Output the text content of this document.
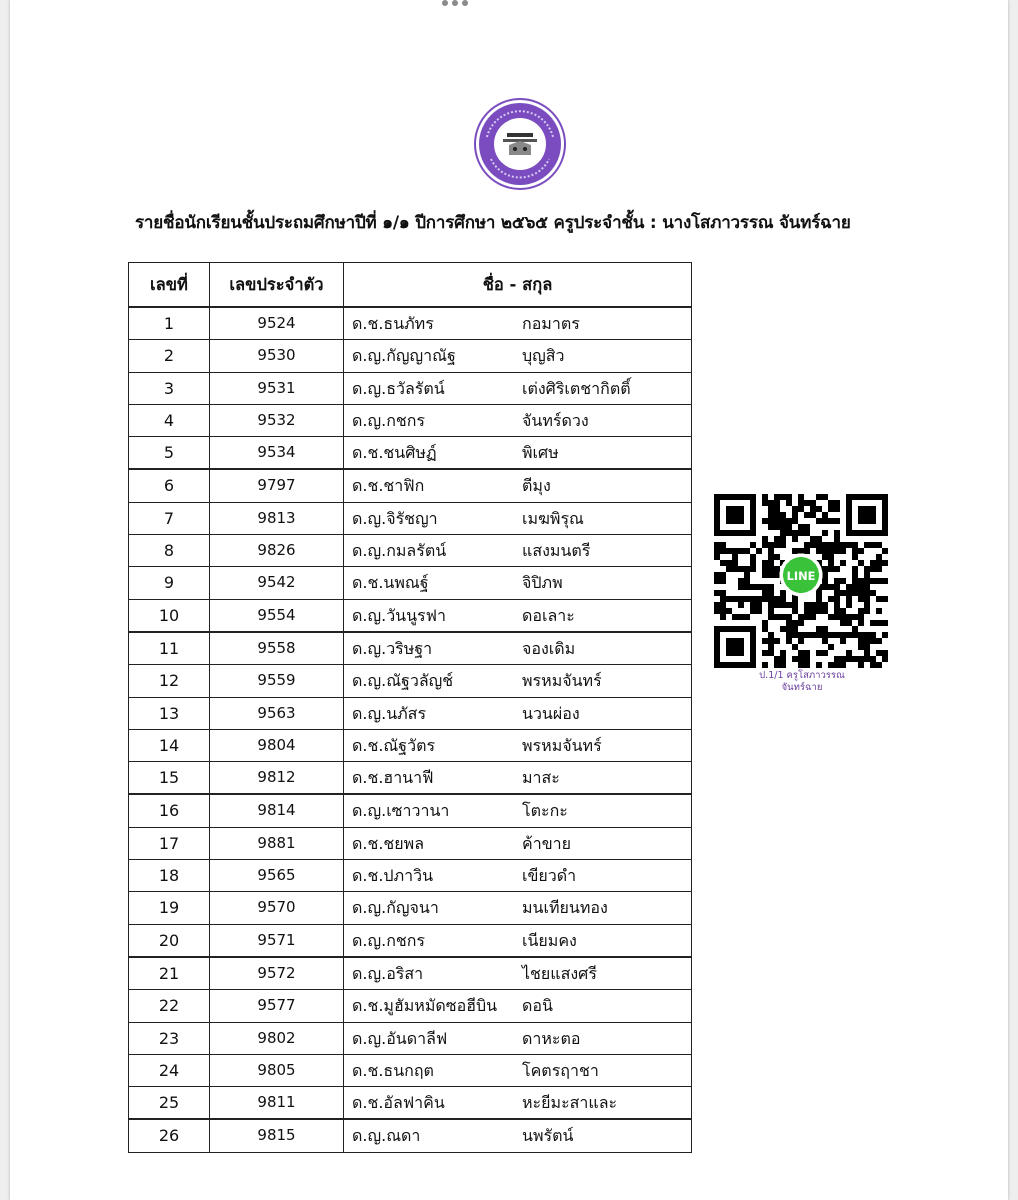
รายชื่อนักเรียนชั้นประถมศึกษาปีที่ ๑/๑ ปีการศึกษา ๒๕๖๕ ครูประจำชั้น : นางโสภาวรรณ จันทร์ฉาย
เลขที่	เลขประจำตัว	ชื่อ - สกุล
1	9524	ด.ช.ธนภัทร กอมาตร
2	9530	ด.ญ.กัญญาณัฐ บุญสิว
3	9531	ด.ญ.ธวัลรัตน์ เต่งศิริเตชากิตติ์
4	9532	ด.ญ.กชกร จันทร์ดวง
5	9534	ด.ช.ชนศิษฏ์ พิเศษ
6	9797	ด.ช.ชาฟิก ตีมุง
7	9813	ด.ญ.จิรัชญา เมฆพิรุณ
8	9826	ด.ญ.กมลรัตน์ แสงมนตรี
9	9542	ด.ช.นพณฐ์ จิปิภพ
10	9554	ด.ญ.วันนูรฟา ดอเลาะ
11	9558	ด.ญ.วริษฐา จองเดิม
12	9559	ด.ญ.ณัฐวลัญช์ พรหมจันทร์
13	9563	ด.ญ.นภัสร นวนผ่อง
14	9804	ด.ช.ณัฐวัตร พรหมจันทร์
15	9812	ด.ช.ฮานาฟี มาสะ
16	9814	ด.ญ.เซาวานา โตะกะ
17	9881	ด.ช.ชยพล ค้าขาย
18	9565	ด.ช.ปภาวิน เขียวดำ
19	9570	ด.ญ.กัญจนา มนเทียนทอง
20	9571	ด.ญ.กชกร เนียมคง
21	9572	ด.ญ.อริสา ไชยแสงศรี
22	9577	ด.ช.มูฮัมหมัดซอฮีบิน ดอนิ
23	9802	ด.ญ.อันดาลีฟ ดาหะตอ
24	9805	ด.ช.ธนกฤต โคตรฤาชา
25	9811	ด.ช.อัลฟาคิน หะยีมะสาและ
26	9815	ด.ญ.ณดา นพรัตน์
LINE
ป.1/1 ครูโสภาวรรณ
จันทร์ฉาย
